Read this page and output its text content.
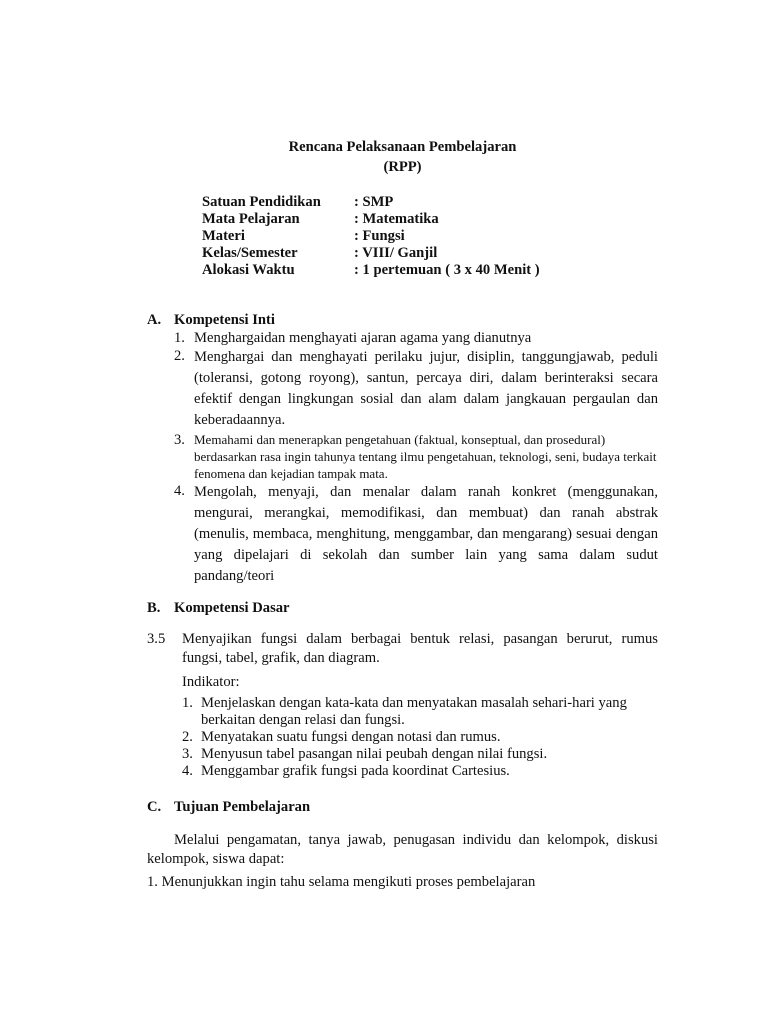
Rencana Pelaksanaan Pembelajaran
(RPP)
Satuan Pendidikan	: SMP
Mata Pelajaran	: Matematika
Materi	: Fungsi
Kelas/Semester	: VIII/ Ganjil
Alokasi Waktu	: 1 pertemuan ( 3 x 40 Menit )
A. Kompetensi Inti
1. Menghargaidan menghayati ajaran agama yang dianutnya
2. Menghargai dan menghayati perilaku jujur, disiplin, tanggungjawab, peduli (toleransi, gotong royong), santun, percaya diri, dalam berinteraksi secara efektif dengan lingkungan sosial dan alam dalam jangkauan pergaulan dan keberadaannya.
3. Memahami dan menerapkan pengetahuan (faktual, konseptual, dan prosedural) berdasarkan rasa ingin tahunya tentang ilmu pengetahuan, teknologi, seni, budaya terkait fenomena dan kejadian tampak mata.
4. Mengolah, menyaji, dan menalar dalam ranah konkret (menggunakan, mengurai, merangkai, memodifikasi, dan membuat) dan ranah abstrak (menulis, membaca, menghitung, menggambar, dan mengarang) sesuai dengan yang dipelajari di sekolah dan sumber lain yang sama dalam sudut pandang/teori
B. Kompetensi Dasar
3.5	Menyajikan fungsi dalam berbagai bentuk relasi, pasangan berurut, rumus fungsi, tabel, grafik, dan diagram.
Indikator:
1. Menjelaskan dengan kata-kata dan menyatakan masalah sehari-hari yang berkaitan dengan relasi dan fungsi.
2. Menyatakan suatu fungsi dengan notasi dan rumus.
3. Menyusun tabel pasangan nilai peubah dengan nilai fungsi.
4. Menggambar grafik fungsi pada koordinat Cartesius.
C. Tujuan Pembelajaran
Melalui pengamatan, tanya jawab, penugasan individu dan kelompok, diskusi kelompok, siswa dapat:
1. Menunjukkan ingin tahu selama mengikuti proses pembelajaran
